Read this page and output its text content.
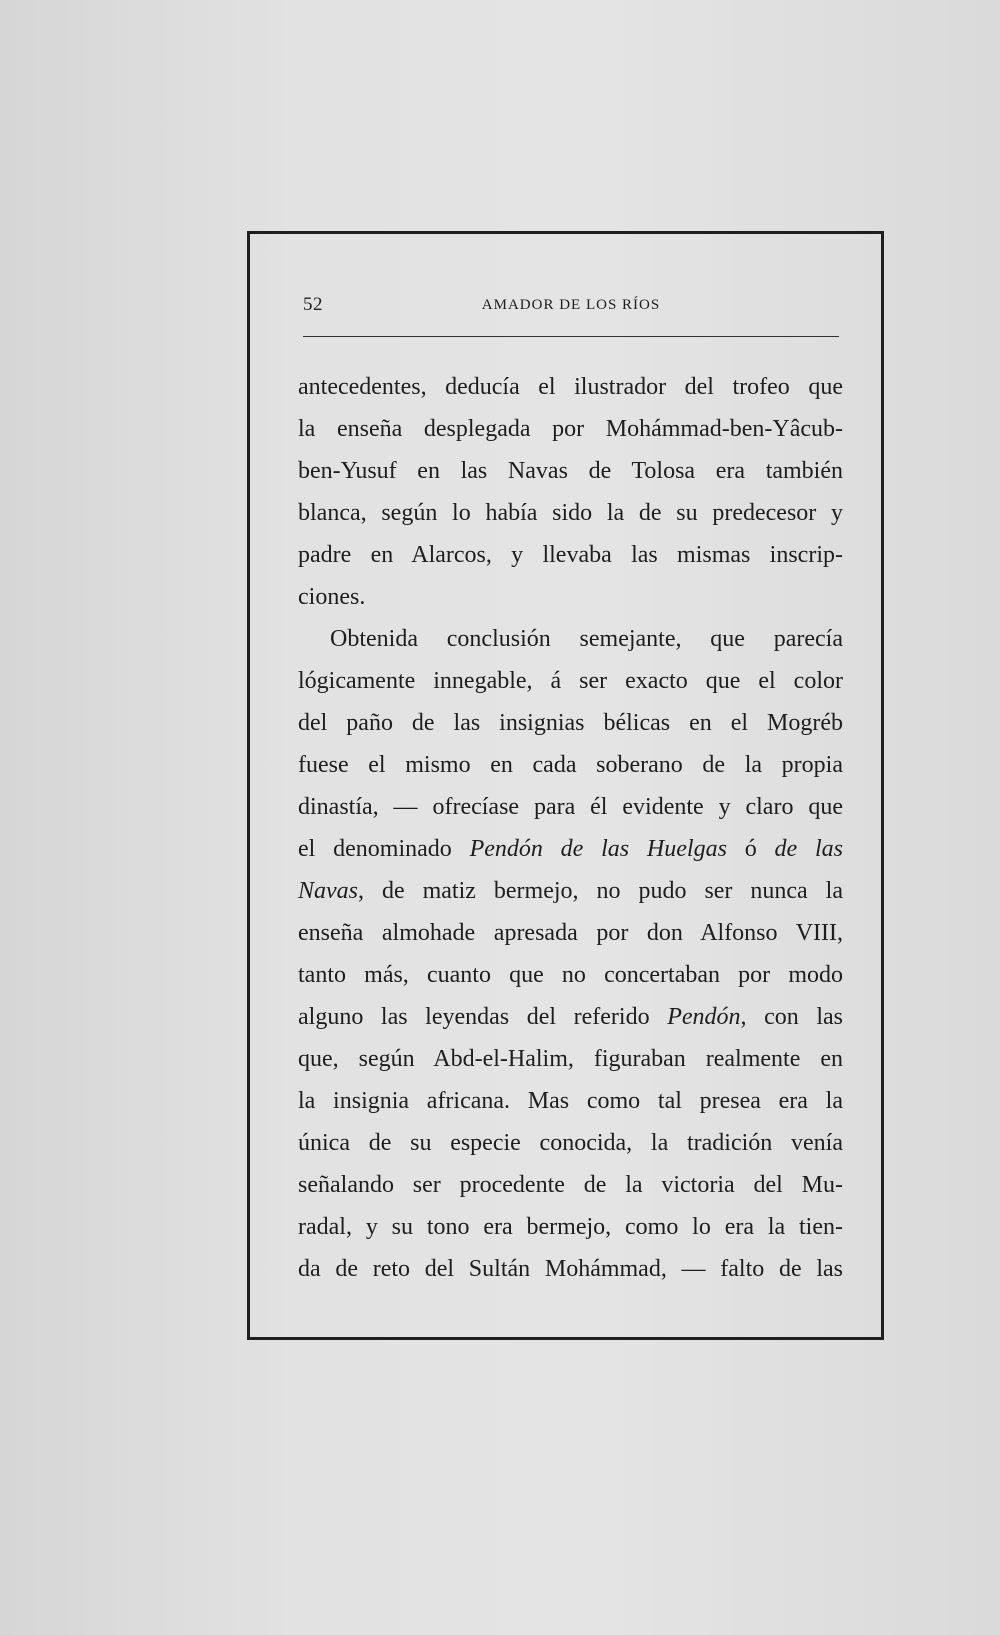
52	AMADOR DE LOS RÍOS
antecedentes, deducía el ilustrador del trofeo que
la enseña desplegada por Mohámmad-ben-Yâcub-
ben-Yusuf en las Navas de Tolosa era también
blanca, según lo había sido la de su predecesor y
padre en Alarcos, y llevaba las mismas inscrip-
ciones.
Obtenida conclusión semejante, que parecía
lógicamente innegable, á ser exacto que el color
del paño de las insignias bélicas en el Mogréb
fuese el mismo en cada soberano de la propia
dinastía, — ofrecíase para él evidente y claro que
el denominado Pendón de las Huelgas ó de las
Navas, de matiz bermejo, no pudo ser nunca la
enseña almohade apresada por don Alfonso VIII,
tanto más, cuanto que no concertaban por modo
alguno las leyendas del referido Pendón, con las
que, según Abd-el-Halim, figuraban realmente en
la insignia africana. Mas como tal presea era la
única de su especie conocida, la tradición venía
señalando ser procedente de la victoria del Mu-
radal, y su tono era bermejo, como lo era la tien-
da de reto del Sultán Mohámmad, — falto de las
